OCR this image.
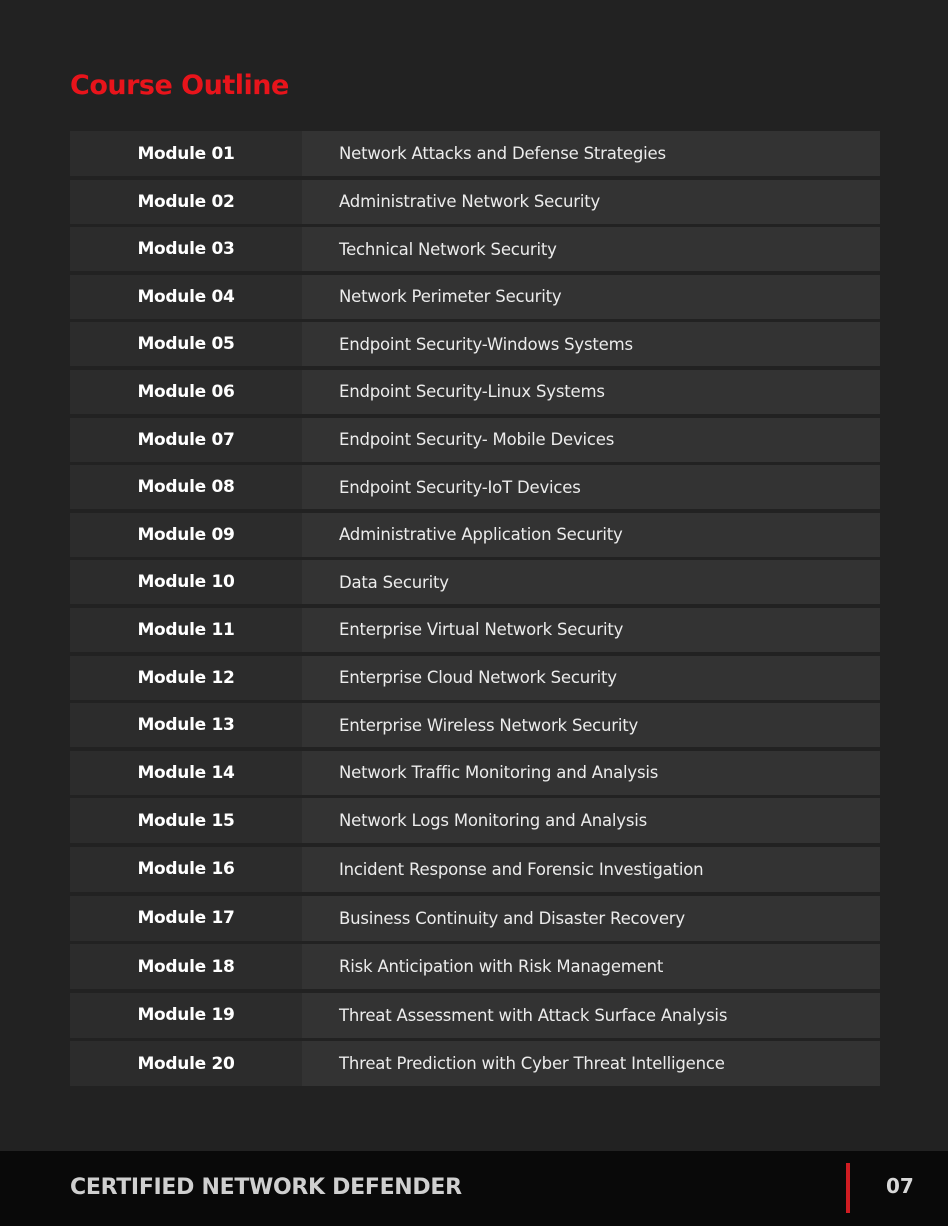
Course Outline
Module 01	Network Attacks and Defense Strategies
Module 02	Administrative Network Security
Module 03	Technical Network Security
Module 04	Network Perimeter Security
Module 05	Endpoint Security-Windows Systems
Module 06	Endpoint Security-Linux Systems
Module 07	Endpoint Security- Mobile Devices
Module 08	Endpoint Security-IoT Devices
Module 09	Administrative Application Security
Module 10	Data Security
Module 11	Enterprise Virtual Network Security
Module 12	Enterprise Cloud Network Security
Module 13	Enterprise Wireless Network Security
Module 14	Network Traffic Monitoring and Analysis
Module 15	Network Logs Monitoring and Analysis
Module 16	Incident Response and Forensic Investigation
Module 17	Business Continuity and Disaster Recovery
Module 18	Risk Anticipation with Risk Management
Module 19	Threat Assessment with Attack Surface Analysis
Module 20	Threat Prediction with Cyber Threat Intelligence
CERTIFIED NETWORK DEFENDER	07
